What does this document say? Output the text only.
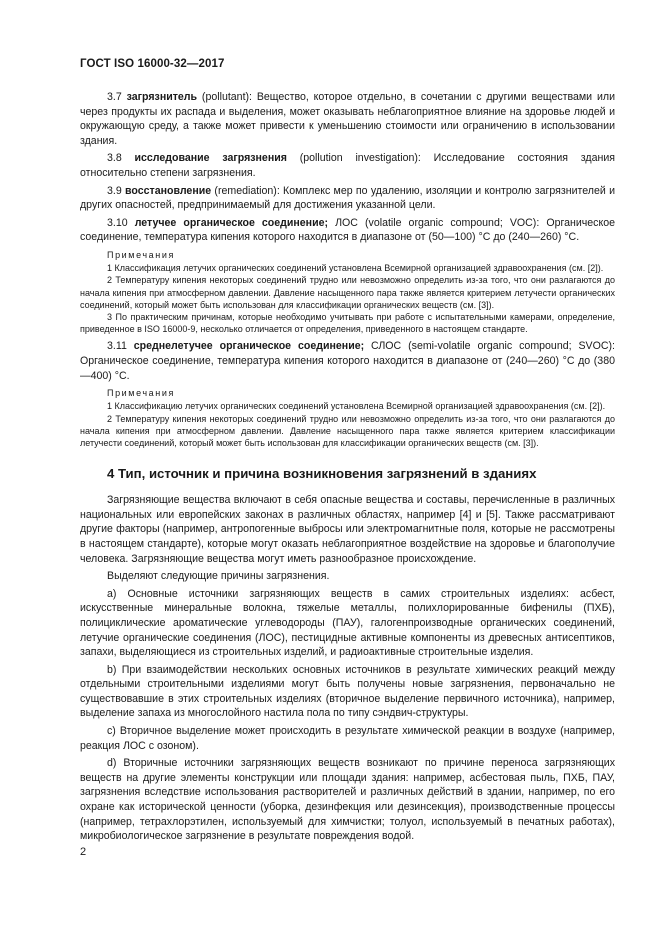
ГОСТ ISO 16000-32—2017

3.7 загрязнитель (pollutant): Вещество, которое отдельно, в сочетании с другими веществами или через продукты их распада и выделения, может оказывать неблагоприятное влияние на здоровье людей и окружающую среду, а также может привести к уменьшению стоимости или ограничению в использовании здания.

3.8 исследование загрязнения (pollution investigation): Исследование состояния здания относительно степени загрязнения.

3.9 восстановление (remediation): Комплекс мер по удалению, изоляции и контролю загрязнителей и других опасностей, предпринимаемый для достижения указанной цели.

3.10 летучее органическое соединение; ЛОС (volatile organic compound; VOC): Органическое соединение, температура кипения которого находится в диапазоне от (50—100) °С до (240—260) °С.

Примечания

1 Классификация летучих органических соединений установлена Всемирной организацией здравоохранения (см. [2]).

2 Температуру кипения некоторых соединений трудно или невозможно определить из-за того, что они разлагаются до начала кипения при атмосферном давлении. Давление насыщенного пара также является критерием летучести органических соединений, который может быть использован для классификации органических веществ (см. [3]).

3 По практическим причинам, которые необходимо учитывать при работе с испытательными камерами, определение, приведенное в ISO 16000-9, несколько отличается от определения, приведенного в настоящем стандарте.

3.11 среднелетучее органическое соединение; СЛОС (semi-volatile organic compound; SVOC): Органическое соединение, температура кипения которого находится в диапазоне от (240—260) °С до (380—400) °С.

Примечания

1 Классификацию летучих органических соединений установлена Всемирной организацией здравоохранения (см. [2]).

2 Температуру кипения некоторых соединений трудно или невозможно определить из-за того, что они разлагаются до начала кипения при атмосферном давлении. Давление насыщенного пара также является критерием классификации летучести соединений, который может быть использован для классификации органических веществ (см. [3]).

4 Тип, источник и причина возникновения загрязнений в зданиях

Загрязняющие вещества включают в себя опасные вещества и составы, перечисленные в различных национальных или европейских законах в различных областях, например [4] и [5]. Также рассматривают другие факторы (например, антропогенные выбросы или электромагнитные поля, которые не рассмотрены в настоящем стандарте), которые могут оказать неблагоприятное воздействие на здоровье и благополучие человека. Загрязняющие вещества могут иметь разнообразное происхождение.

Выделяют следующие причины загрязнения.

a) Основные источники загрязняющих веществ в самих строительных изделиях: асбест, искусственные минеральные волокна, тяжелые металлы, полихлорированные бифенилы (ПХБ), полициклические ароматические углеводороды (ПАУ), галогенпроизводные органических соединений, летучие органические соединения (ЛОС), пестицидные активные компоненты из древесных антисептиков, запахи, выделяющиеся из строительных изделий, и радиоактивные строительные изделия.

b) При взаимодействии нескольких основных источников в результате химических реакций между отдельными строительными изделиями могут быть получены новые загрязнения, первоначально не существовавшие в этих строительных изделиях (вторичное выделение первичного источника), например, выделение запаха из многослойного настила пола по типу сэндвич-структуры.

c) Вторичное выделение может происходить в результате химической реакции в воздухе (например, реакция ЛОС с озоном).

d) Вторичные источники загрязняющих веществ возникают по причине переноса загрязняющих веществ на другие элементы конструкции или площади здания: например, асбестовая пыль, ПХБ, ПАУ, загрязнения вследствие использования растворителей и различных действий в здании, например, по его охране как исторической ценности (уборка, дезинфекция или дезинсекция), производственные процессы (например, тетрахлорэтилен, используемый для химчистки; толуол, используемый в печатных работах), микробиологическое загрязнение в результате повреждения водой.

2
